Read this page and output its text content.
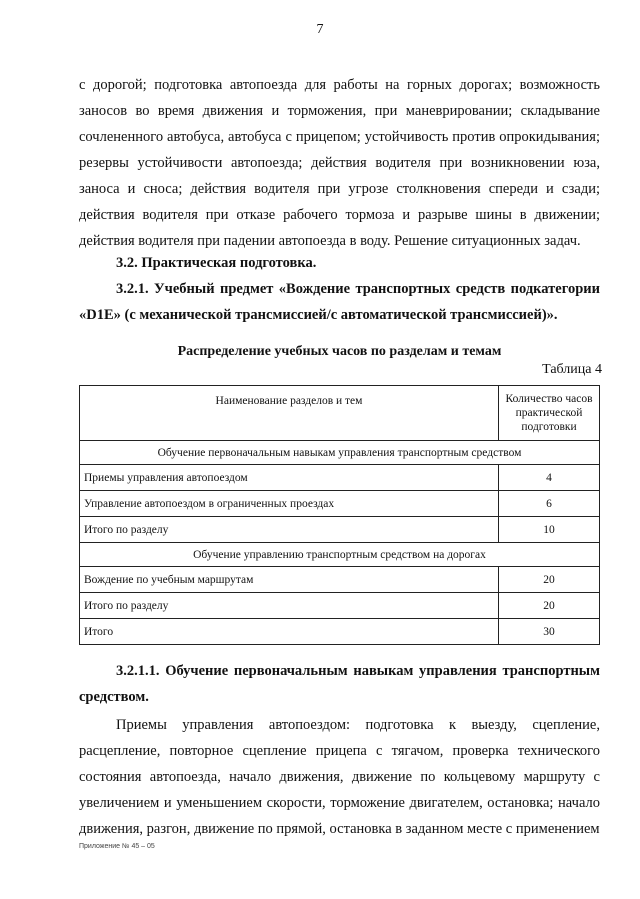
7

с дорогой; подготовка автопоезда для работы на горных дорогах; возможность заносов во время движения и торможения, при маневрировании; складывание сочлененного автобуса, автобуса с прицепом; устойчивость против опрокидывания; резервы устойчивости автопоезда; действия водителя при возникновении юза, заноса и сноса; действия водителя при угрозе столкновения спереди и сзади; действия водителя при отказе рабочего тормоза и разрыве шины в движении; действия водителя при падении автопоезда в воду. Решение ситуационных задач.

3.2. Практическая подготовка.
3.2.1. Учебный предмет «Вождение транспортных средств подкатегории «D1E» (с механической трансмиссией/с автоматической трансмиссией)».
Распределение учебных часов по разделам и темам
Таблица 4
Наименование разделов и тем	Количество часов практической подготовки
Обучение первоначальным навыкам управления транспортным средством	
Приемы управления автопоездом	4
Управление автопоездом в ограниченных проездах	6
Итого по разделу	10
Обучение управлению транспортным средством на дорогах	
Вождение по учебным маршрутам	20
Итого по разделу	20
Итого	30
3.2.1.1. Обучение первоначальным навыкам управления транспортным средством.

Приемы управления автопоездом: подготовка к выезду, сцепление, расцепление, повторное сцепление прицепа с тягачом, проверка технического состояния автопоезда, начало движения, движение по кольцевому маршруту с увеличением и уменьшением скорости, торможение двигателем, остановка; начало движения, разгон, движение по прямой, остановка в заданном месте с применением

Приложение № 45 – 05
